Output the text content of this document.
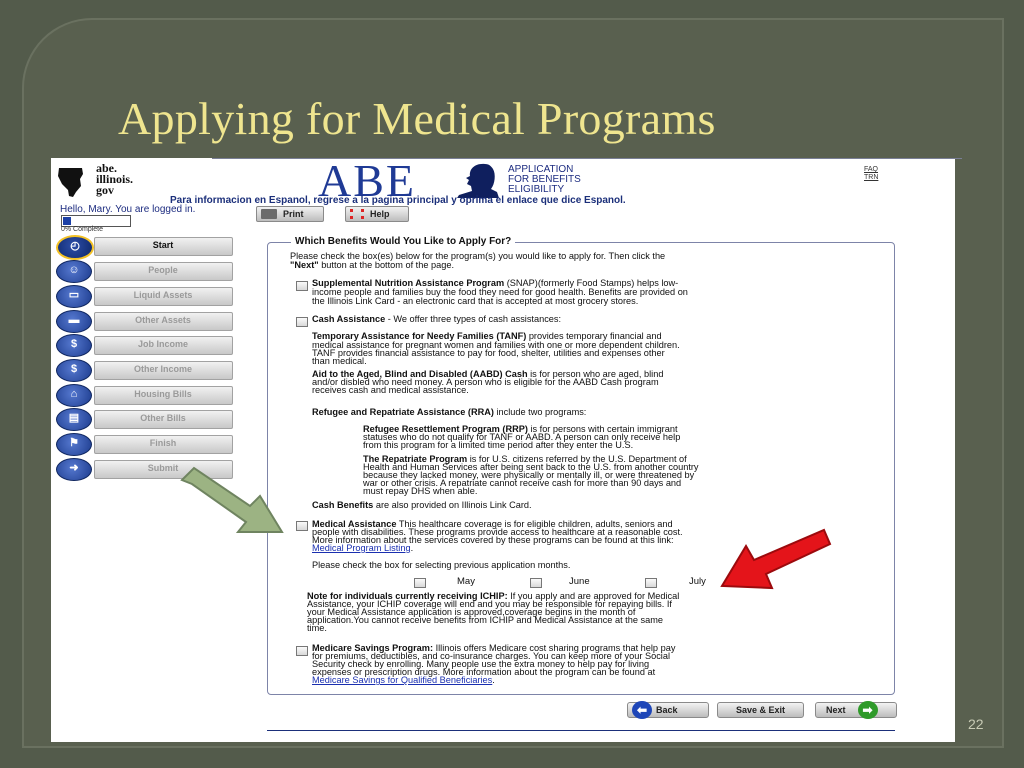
Applying for Medical Programs
abe.
illinois.
gov	ABE	APPLICATION
FOR BENEFITS
ELIGIBILITY
FAQ
TRN
Para informacion en Espanol, regrese a la pagina principal y oprima el enlace que dice Espanol.
Hello, Mary. You are logged in.	Print	Help
0% Complete
◴	Start
☺	People
▭	Liquid Assets
▬	Other Assets
$	Job Income
$	Other Income
⌂	Housing Bills
▤	Other Bills
⚑	Finish
➜	Submit
Which Benefits Would You Like to Apply For?
Please check the box(es) below for the program(s) you would like to apply for. Then click the
"Next" button at the bottom of the page.
Supplemental Nutrition Assistance Program (SNAP)(formerly Food Stamps) helps low-
income people and families buy the food they need for good health. Benefits are provided on
the Illinois Link Card - an electronic card that is accepted at most grocery stores.
Cash Assistance - We offer three types of cash assistances:
Temporary Assistance for Needy Families (TANF) provides temporary financial and
medical assistance for pregnant women and families with one or more dependent children.
TANF provides financial assistance to pay for food, shelter, utilities and expenses other
than medical.
Aid to the Aged, Blind and Disabled (AABD) Cash is for person who are aged, blind
and/or disbled who need money. A person who is eligible for the AABD Cash program
receives cash and medical assistance.
Refugee and Repatriate Assistance (RRA) include two programs:
Refugee Resettlement Program (RRP) is for persons with certain immigrant
statuses who do not qualify for TANF or AABD. A person can only receive help
from this program for a limited time period after they enter the U.S.
The Repatriate Program is for U.S. citizens referred by the U.S. Department of
Health and Human Services after being sent back to the U.S. from another country
because they lacked money, were physically or mentally ill, or were threatened by
war or other crisis. A repatriate cannot receive cash for more than 90 days and
must repay DHS when able.
Cash Benefits are also provided on Illinois Link Card.
Medical Assistance This healthcare coverage is for eligible children, adults, seniors and
people with disabilities. These programs provide access to healthcare at a reasonable cost.
More information about the services covered by these programs can be found at this link:
Medical Program Listing.
Please check the box for selecting previous application months.
May	June	July
Note for individuals currently receiving ICHIP: If you apply and are approved for Medical
Assistance, your ICHIP coverage will end and you may be responsible for repaying bills. If
your Medical Assistance application is approved,coverage begins in the month of
application.You cannot receive benefits from ICHIP and Medical Assistance at the same
time.
Medicare Savings Program: Illinois offers Medicare cost sharing programs that help pay
for premiums, deductibles, and co-insurance charges. You can keep more of your Social
Security check by enrolling. Many people use the extra money to help pay for living
expenses or prescription drugs. More information about the program can be found at
Medicare Savings for Qualified Beneficiaries.
⬅ Back	Save & Exit	Next	➡
22
